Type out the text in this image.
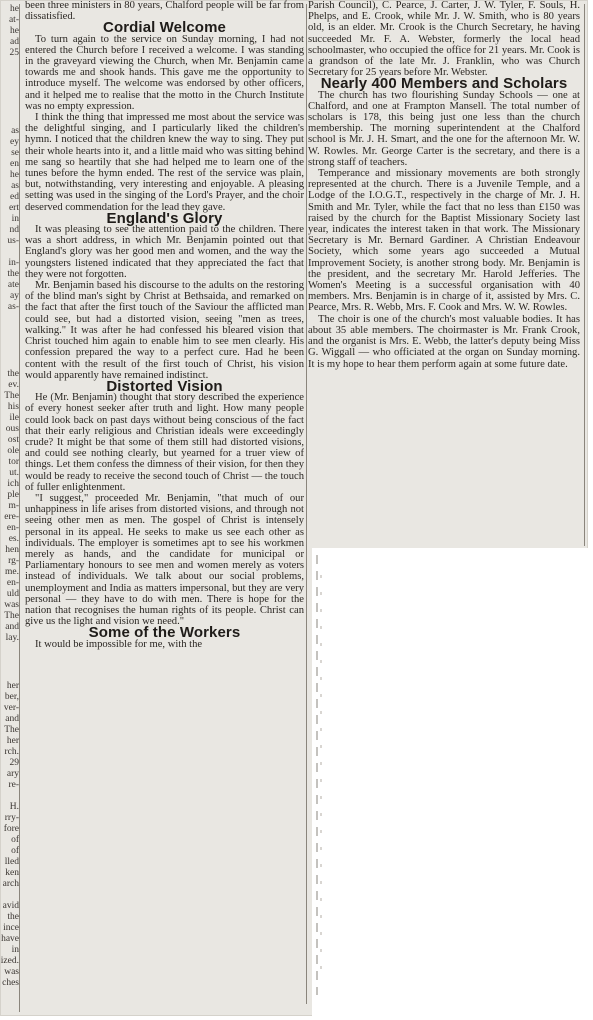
he
at-
he
ad
25
as
ey
se
en
he
as
ed
ert
in
nd
us-
in-
the
ate
ay
as-
the
ev.
The
his
ile
ous
ost
ole
tor
ut.
ich
ple
m-
ere-
en-
es.
hen
rg-
me.
en-
uld
was
The
and
lay.
her
ber,
ver-
and
The
her
rch.
29
ary
re-
H.
rry-
fore
of
of
lled
ken
arch
avid
the
ince
have
in
ized.
was
ches

been three ministers in 80 years, Chalford people will be far from dissatisfied.

Cordial Welcome

To turn again to the service on Sunday morning, I had not entered the Church before I received a welcome. I was standing in the graveyard viewing the Church, when Mr. Benjamin came towards me and shook hands. This gave me the opportunity to introduce myself. The welcome was endorsed by other officers, and it helped me to realise that the motto in the Church Institute was no empty expression.

I think the thing that impressed me most about the service was the delightful singing, and I particularly liked the children's hymn. I noticed that the children knew the way to sing. They put their whole hearts into it, and a little maid who was sitting behind me sang so heartily that she had helped me to learn one of the tunes before the hymn ended. The rest of the service was plain, but, notwithstanding, very interesting and enjoyable. A pleasing setting was used in the singing of the Lord's Prayer, and the choir deserved commendation for the lead they gave.

England's Glory

It was pleasing to see the attention paid to the children. There was a short address, in which Mr. Benjamin pointed out that England's glory was her good men and women, and the way the youngsters listened indicated that they appreciated the fact that they were not forgotten.

Mr. Benjamin based his discourse to the adults on the restoring of the blind man's sight by Christ at Bethsaida, and remarked on the fact that after the first touch of the Saviour the afflicted man could see, but had a distorted vision, seeing "men as trees, walking." It was after he had confessed his bleared vision that Christ touched him again to enable him to see men clearly. His confession prepared the way to a perfect cure. Had he been content with the result of the first touch of Christ, his vision would apparently have remained indistinct.

Distorted Vision

He (Mr. Benjamin) thought that story described the experience of every honest seeker after truth and light. How many people could look back on past days without being conscious of the fact that their early religious and Christian ideals were exceedingly crude? It might be that some of them still had distorted visions, and could see nothing clearly, but yearned for a truer view of things. Let them confess the dimness of their vision, for then they would be ready to receive the second touch of Christ — the touch of fuller enlightenment.

"I suggest," proceeded Mr. Benjamin, "that much of our unhappiness in life arises from distorted visions, and through not seeing other men as men. The gospel of Christ is intensely personal in its appeal. He seeks to make us see each other as individuals. The employer is sometimes apt to see his workmen merely as hands, and the candidate for municipal or Parliamentary honours to see men and women merely as voters instead of individuals. We talk about our social problems, unemployment and India as matters impersonal, but they are very personal — they have to do with men. There is hope for the nation that recognises the human rights of its people. Christ can give us the light and vision we need."

Some of the Workers

It would be impossible for me, with the

Parish Council), C. Pearce, J. Carter, J. W. Tyler, F. Souls, H. Phelps, and E. Crook, while Mr. J. W. Smith, who is 80 years old, is an elder. Mr. Crook is the Church Secretary, he having succeeded Mr. F. A. Webster, formerly the local head schoolmaster, who occupied the office for 21 years. Mr. Cook is a grandson of the late Mr. J. Franklin, who was Church Secretary for 25 years before Mr. Webster.

Nearly 400 Members and Scholars

The church has two flourishing Sunday Schools — one at Chalford, and one at Frampton Mansell. The total number of scholars is 178, this being just one less than the church membership. The morning superintendent at the Chalford school is Mr. J. H. Smart, and the one for the afternoon Mr. W. W. Rowles. Mr. George Carter is the secretary, and there is a strong staff of teachers.

Temperance and missionary movements are both strongly represented at the church. There is a Juvenile Temple, and a Lodge of the I.O.G.T., respectively in the charge of Mr. J. H. Smith and Mr. Tyler, while the fact that no less than £150 was raised by the church for the Baptist Missionary Society last year, indicates the interest taken in that work. The Missionary Secretary is Mr. Bernard Gardiner. A Christian Endeavour Society, which some years ago succeeded a Mutual Improvement Society, is another strong body. Mr. Benjamin is the president, and the secretary Mr. Harold Jefferies. The Women's Meeting is a successful organisation with 40 members. Mrs. Benjamin is in charge of it, assisted by Mrs. C. Pearce, Mrs. R. Webb, Mrs. F. Cook and Mrs. W. W. Rowles.

The choir is one of the church's most valuable bodies. It has about 35 able members. The choirmaster is Mr. Frank Crook, and the organist is Mrs. E. Webb, the latter's deputy being Miss G. Wiggall — who officiated at the organ on Sunday morning. It is my hope to hear them perform again at some future date.
